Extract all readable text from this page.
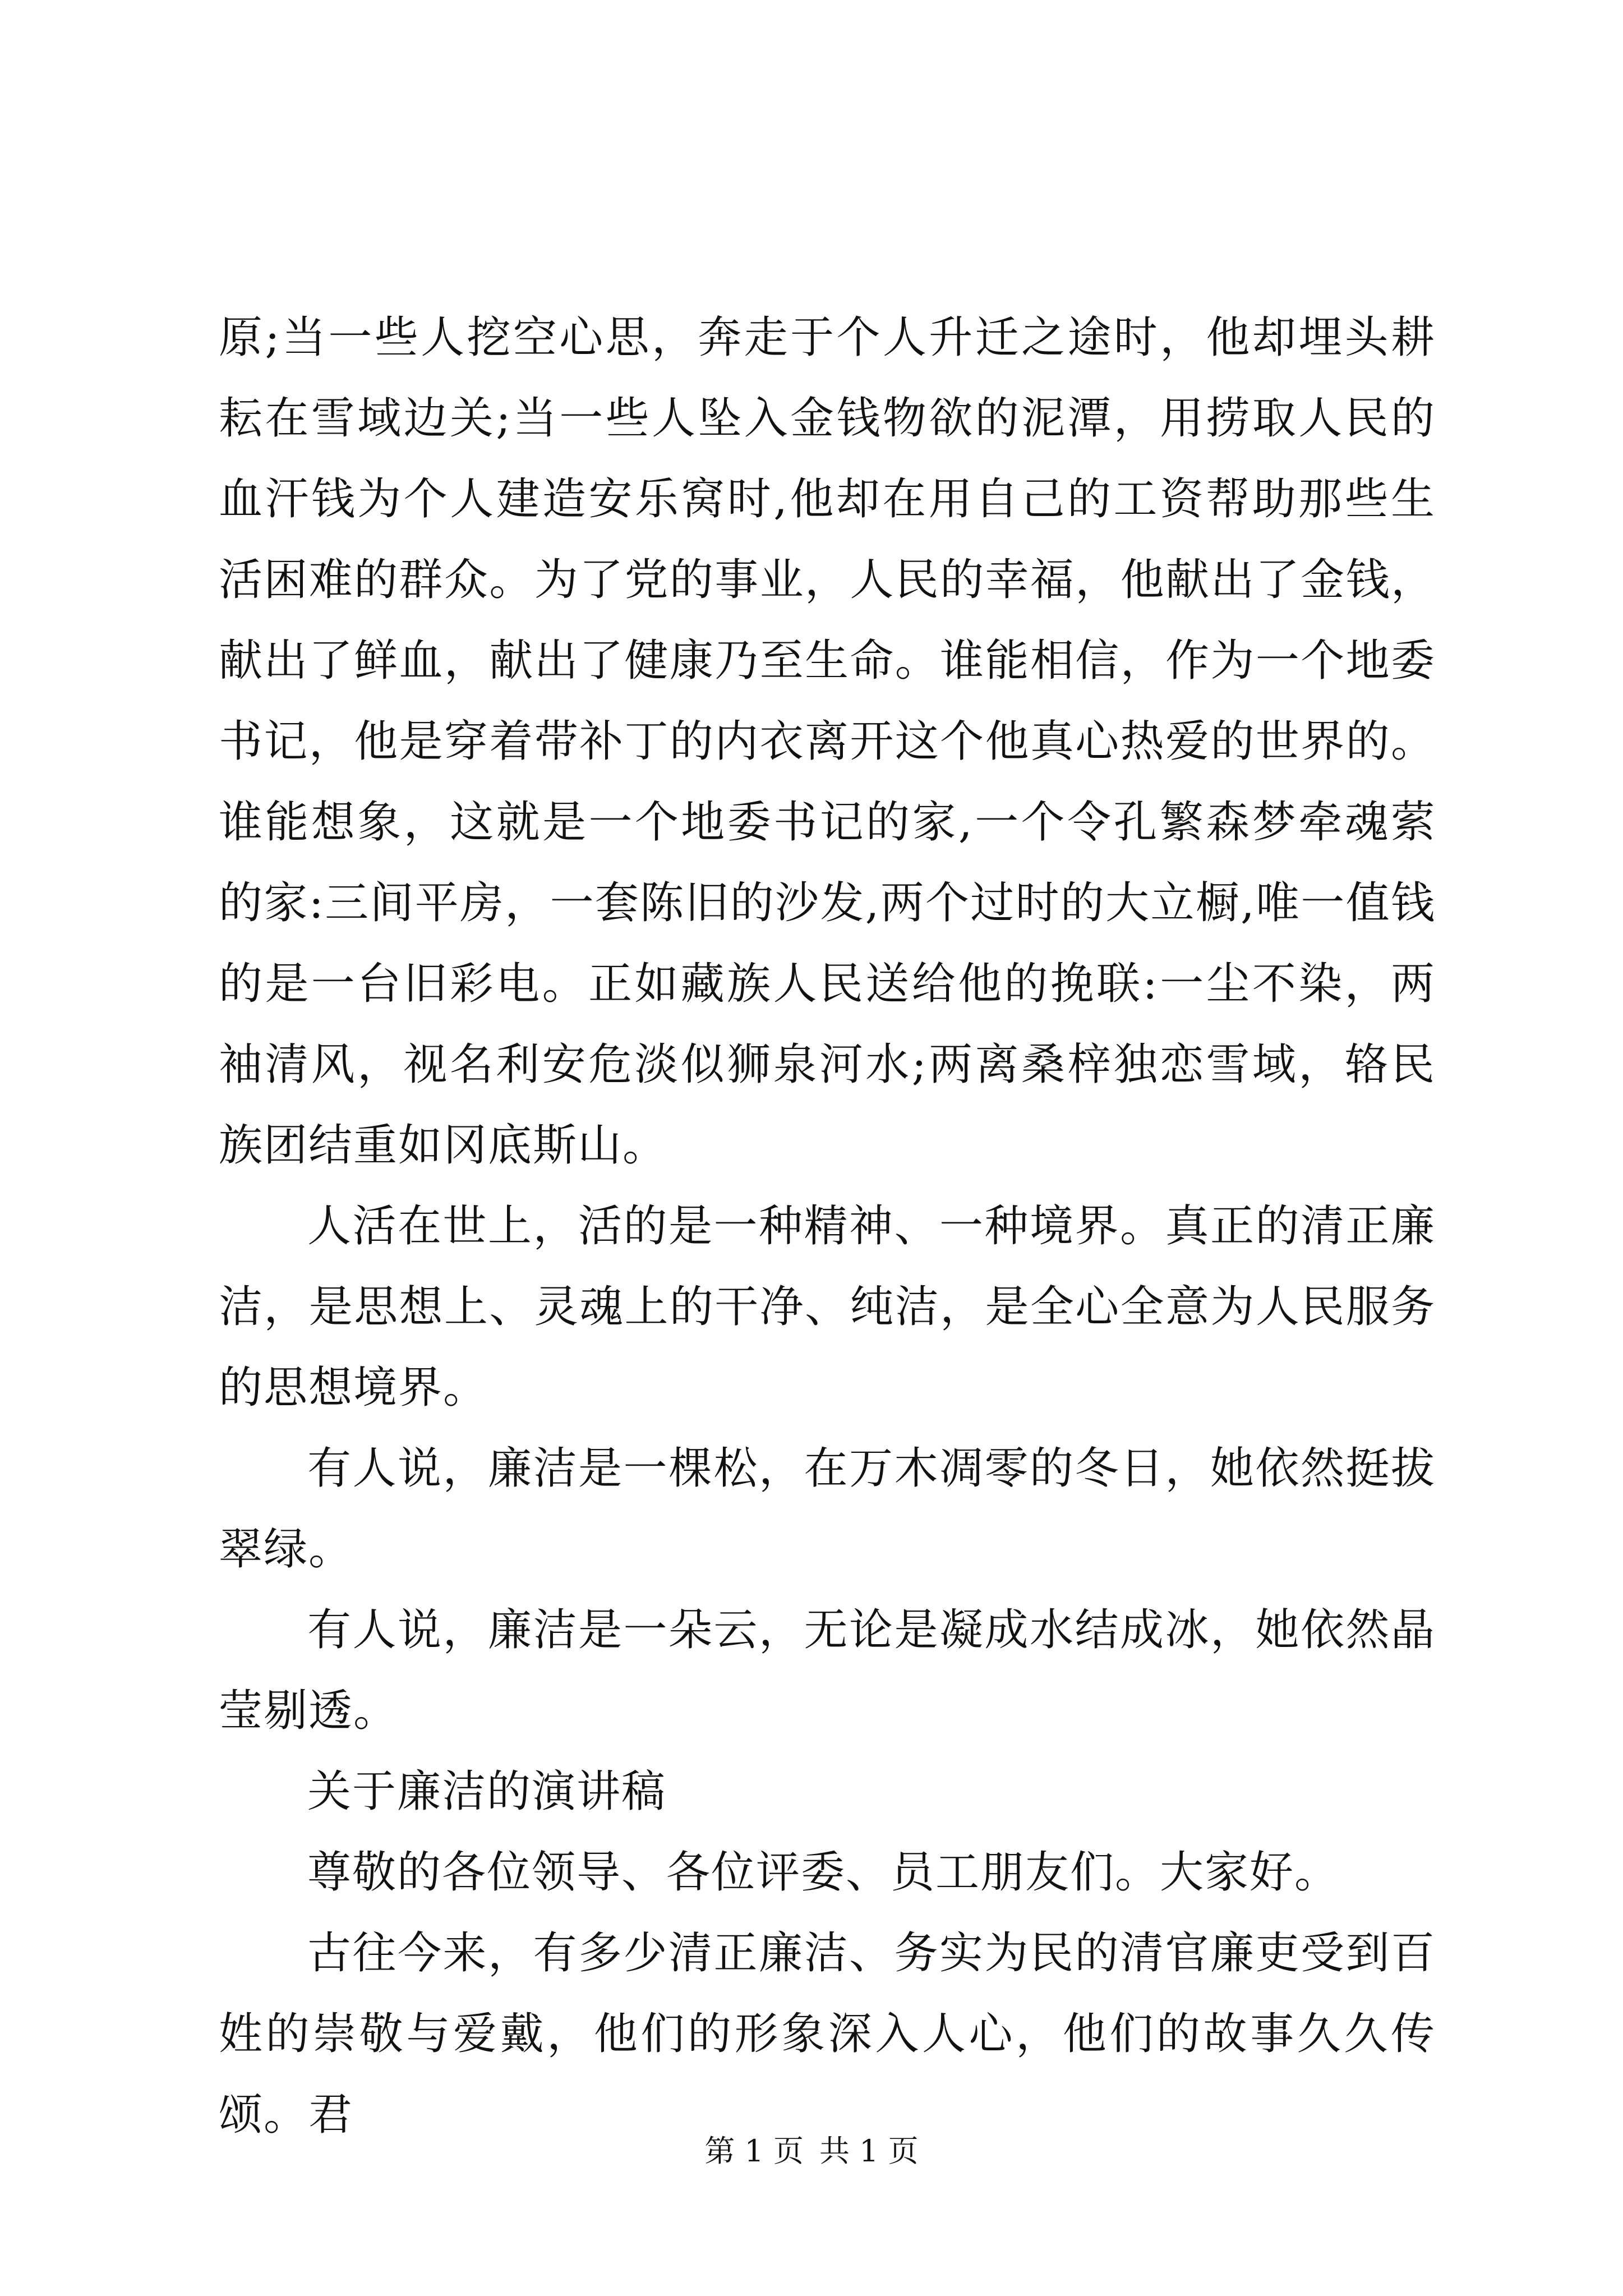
原;当一些人挖空心思，奔走于个人升迁之途时，他却埋头耕耘在雪域边关;当一些人坠入金钱物欲的泥潭，用捞取人民的血汗钱为个人建造安乐窝时,他却在用自己的工资帮助那些生活困难的群众。为了党的事业，人民的幸福，他献出了金钱，献出了鲜血，献出了健康乃至生命。谁能相信，作为一个地委书记，他是穿着带补丁的内衣离开这个他真心热爱的世界的。谁能想象，这就是一个地委书记的家,一个令孔繁森梦牵魂萦的家:三间平房，一套陈旧的沙发,两个过时的大立橱,唯一值钱的是一台旧彩电。正如藏族人民送给他的挽联:一尘不染，两袖清风，视名利安危淡似狮泉河水;两离桑梓独恋雪域，辂民族团结重如冈底斯山。

人活在世上，活的是一种精神、一种境界。真正的清正廉洁，是思想上、灵魂上的干净、纯洁，是全心全意为人民服务的思想境界。

有人说，廉洁是一棵松，在万木凋零的冬日，她依然挺拔翠绿。

有人说，廉洁是一朵云，无论是凝成水结成冰，她依然晶莹剔透。

关于廉洁的演讲稿

尊敬的各位领导、各位评委、员工朋友们。大家好。

古往今来，有多少清正廉洁、务实为民的清官廉吏受到百姓的崇敬与爱戴，他们的形象深入人心，他们的故事久久传颂。君

第 1 页 共 1 页
